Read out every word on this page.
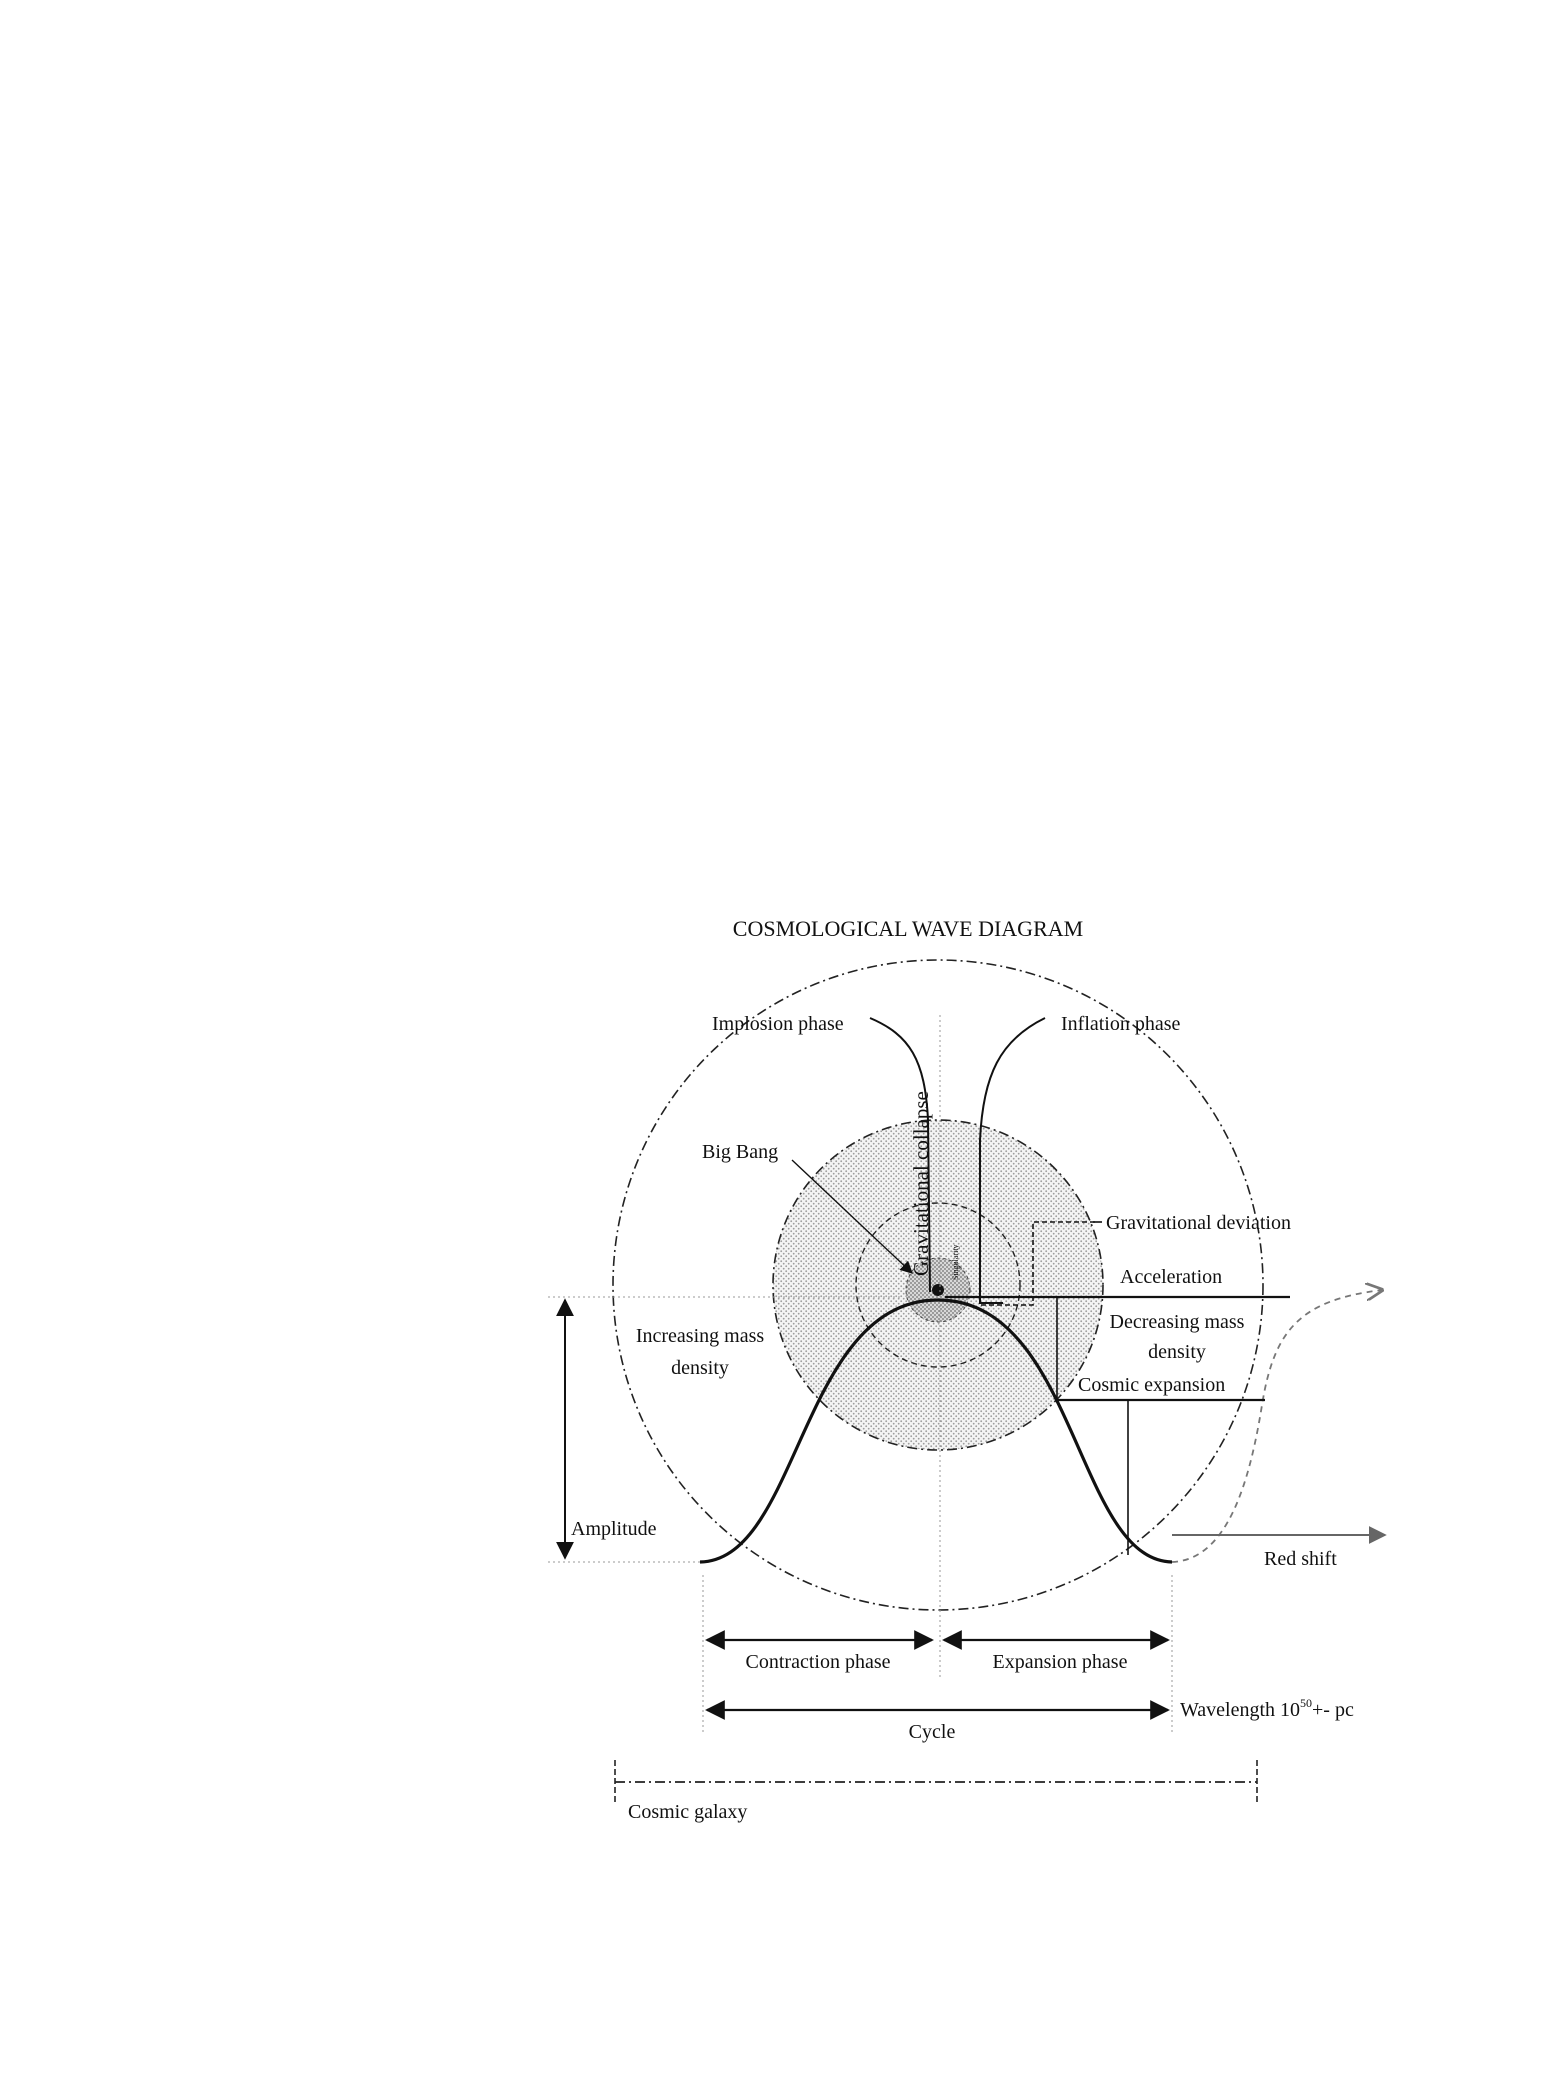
COSMOLOGICAL WAVE DIAGRAM
Implosion phase	Inflation phase
Gravitational collapse Singularity
Big Bang
Gravitational deviation
Acceleration
Increasing mass
density
Decreasing mass
density
Cosmic expansion
Amplitude
Red shift
Contraction phase	Expansion phase
Wavelength $10^{50}+-$ pc
Cycle
Cosmic galaxy
